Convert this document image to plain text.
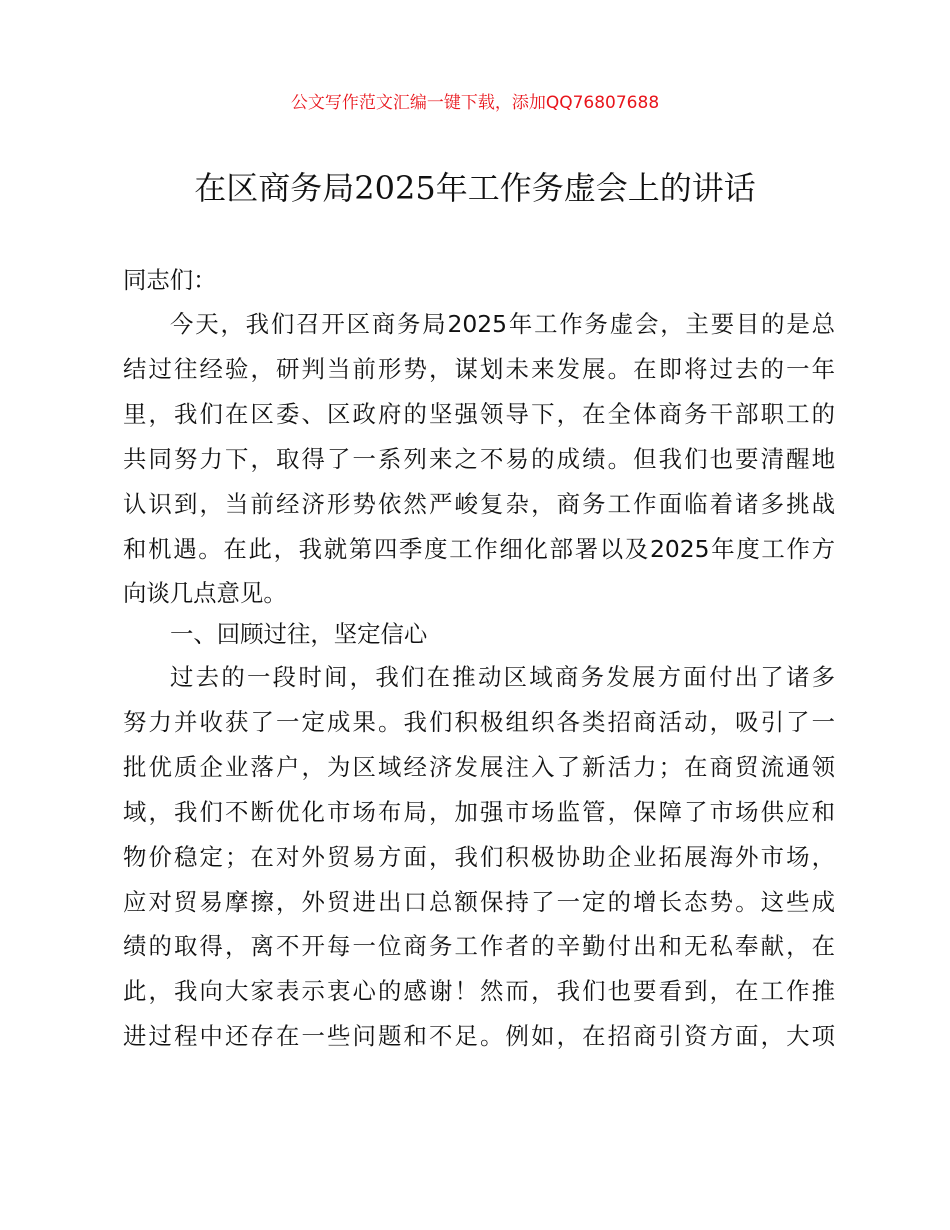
公文写作范文汇编一键下载，添加QQ76807688
在区商务局2025年工作务虚会上的讲话
同志们：
今天，我们召开区商务局2025年工作务虚会，主要目的是总
结过往经验，研判当前形势，谋划未来发展。在即将过去的一年
里，我们在区委、区政府的坚强领导下，在全体商务干部职工的
共同努力下，取得了一系列来之不易的成绩。但我们也要清醒地
认识到，当前经济形势依然严峻复杂，商务工作面临着诸多挑战
和机遇。在此，我就第四季度工作细化部署以及2025年度工作方
向谈几点意见。
一、回顾过往，坚定信心
过去的一段时间，我们在推动区域商务发展方面付出了诸多
努力并收获了一定成果。我们积极组织各类招商活动，吸引了一
批优质企业落户，为区域经济发展注入了新活力；在商贸流通领
域，我们不断优化市场布局，加强市场监管，保障了市场供应和
物价稳定；在对外贸易方面，我们积极协助企业拓展海外市场，
应对贸易摩擦，外贸进出口总额保持了一定的增长态势。这些成
绩的取得，离不开每一位商务工作者的辛勤付出和无私奉献，在
此，我向大家表示衷心的感谢！然而，我们也要看到，在工作推
进过程中还存在一些问题和不足。例如，在招商引资方面，大项
